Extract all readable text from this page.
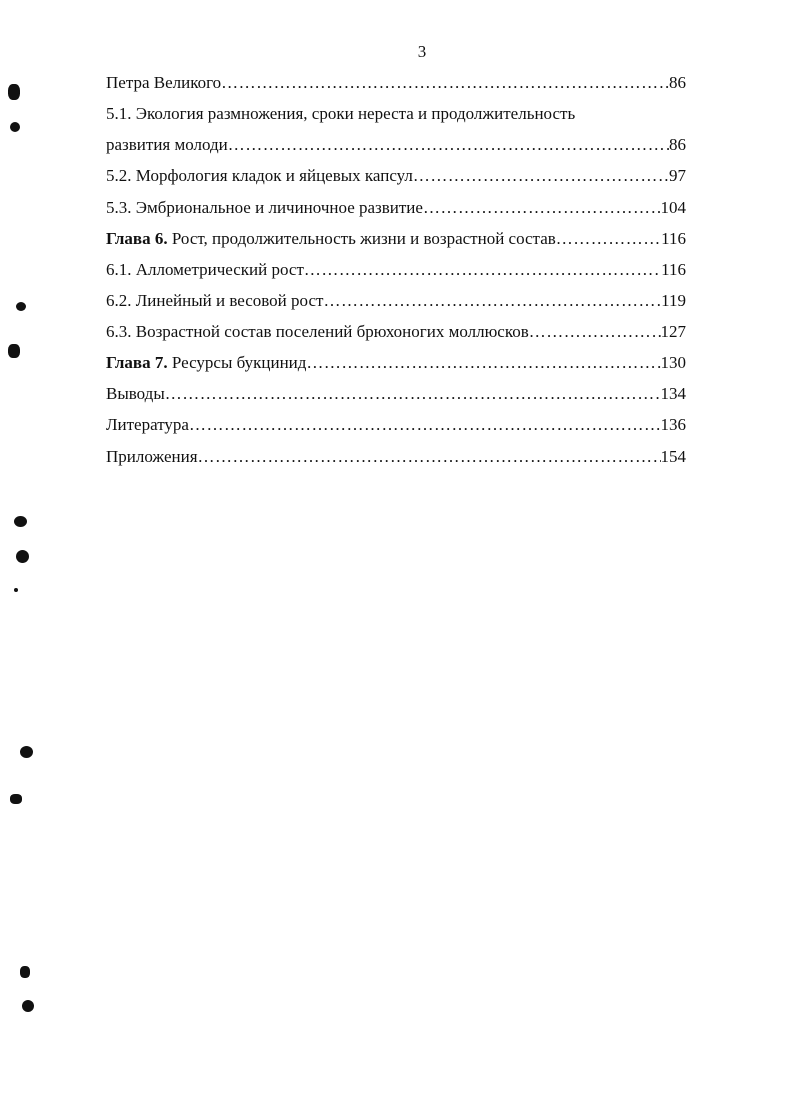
3
Петра Великого ……………………………………………………………………………………………………………………………………………………………………	86
5.1. Экология размножения, сроки нереста и продолжительность
развития молоди ……………………………………………………………………………………………………………………………………………………………………	86
5.2. Морфология кладок и яйцевых капсул ……………………………………………………………………………………………………………………………………………………………………	97
5.3. Эмбриональное и личиночное развитие ……………………………………………………………………………………………………………………………………………………………………	104
Глава 6. Рост, продолжительность жизни и возрастной состав ……………………………………………………………………………………………………………………………………………………………………	116
6.1. Аллометрический рост ……………………………………………………………………………………………………………………………………………………………………	116
6.2. Линейный и весовой рост ……………………………………………………………………………………………………………………………………………………………………	119
6.3. Возрастной состав поселений брюхоногих моллюсков ……………………………………………………………………………………………………………………………………………………………………	127
Глава 7. Ресурсы букцинид ……………………………………………………………………………………………………………………………………………………………………	130
Выводы ……………………………………………………………………………………………………………………………………………………………………	134
Литература ……………………………………………………………………………………………………………………………………………………………………	136
Приложения ……………………………………………………………………………………………………………………………………………………………………	154
